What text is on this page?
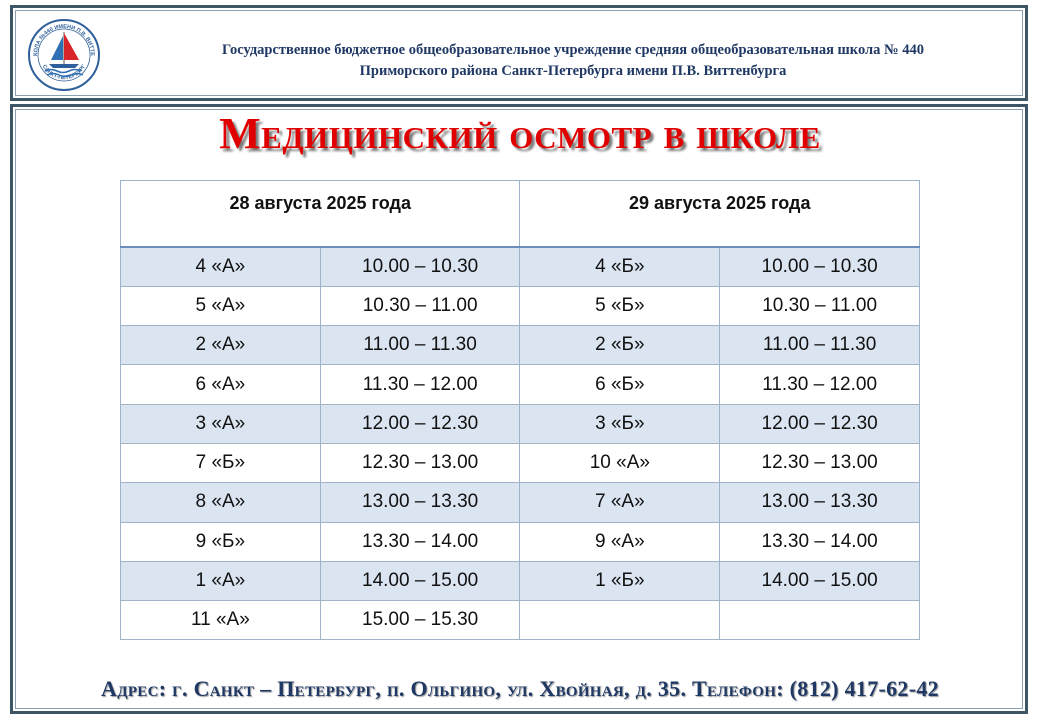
КОЛА №440 ИМЕНИ П.В. ВИТТЕ
САНКТ-ПЕТЕРБУРГ
Государственное бюджетное общеобразовательное учреждение средняя общеобразовательная школа № 440
Приморского района Санкт-Петербурга имени П.В. Виттенбурга
Медицинский осмотр в школе
28 августа 2025 года		29 августа 2025 года	
4 «А»	10.00 – 10.30	4 «Б»	10.00 – 10.30
5 «А»	10.30 – 11.00	5 «Б»	10.30 – 11.00
2 «А»	11.00 – 11.30	2 «Б»	11.00 – 11.30
6 «А»	11.30 – 12.00	6 «Б»	11.30 – 12.00
3 «А»	12.00 – 12.30	3 «Б»	12.00 – 12.30
7 «Б»	12.30 – 13.00	10 «А»	12.30 – 13.00
8 «А»	13.00 – 13.30	7 «А»	13.00 – 13.30
9 «Б»	13.30 – 14.00	9 «А»	13.30 – 14.00
1 «А»	14.00 – 15.00	1 «Б»	14.00 – 15.00
11 «А»	15.00 – 15.30		
Адрес: г. Санкт – Петербург, п. Ольгино, ул. Хвойная, д. 35. Телефон: (812) 417-62-42
